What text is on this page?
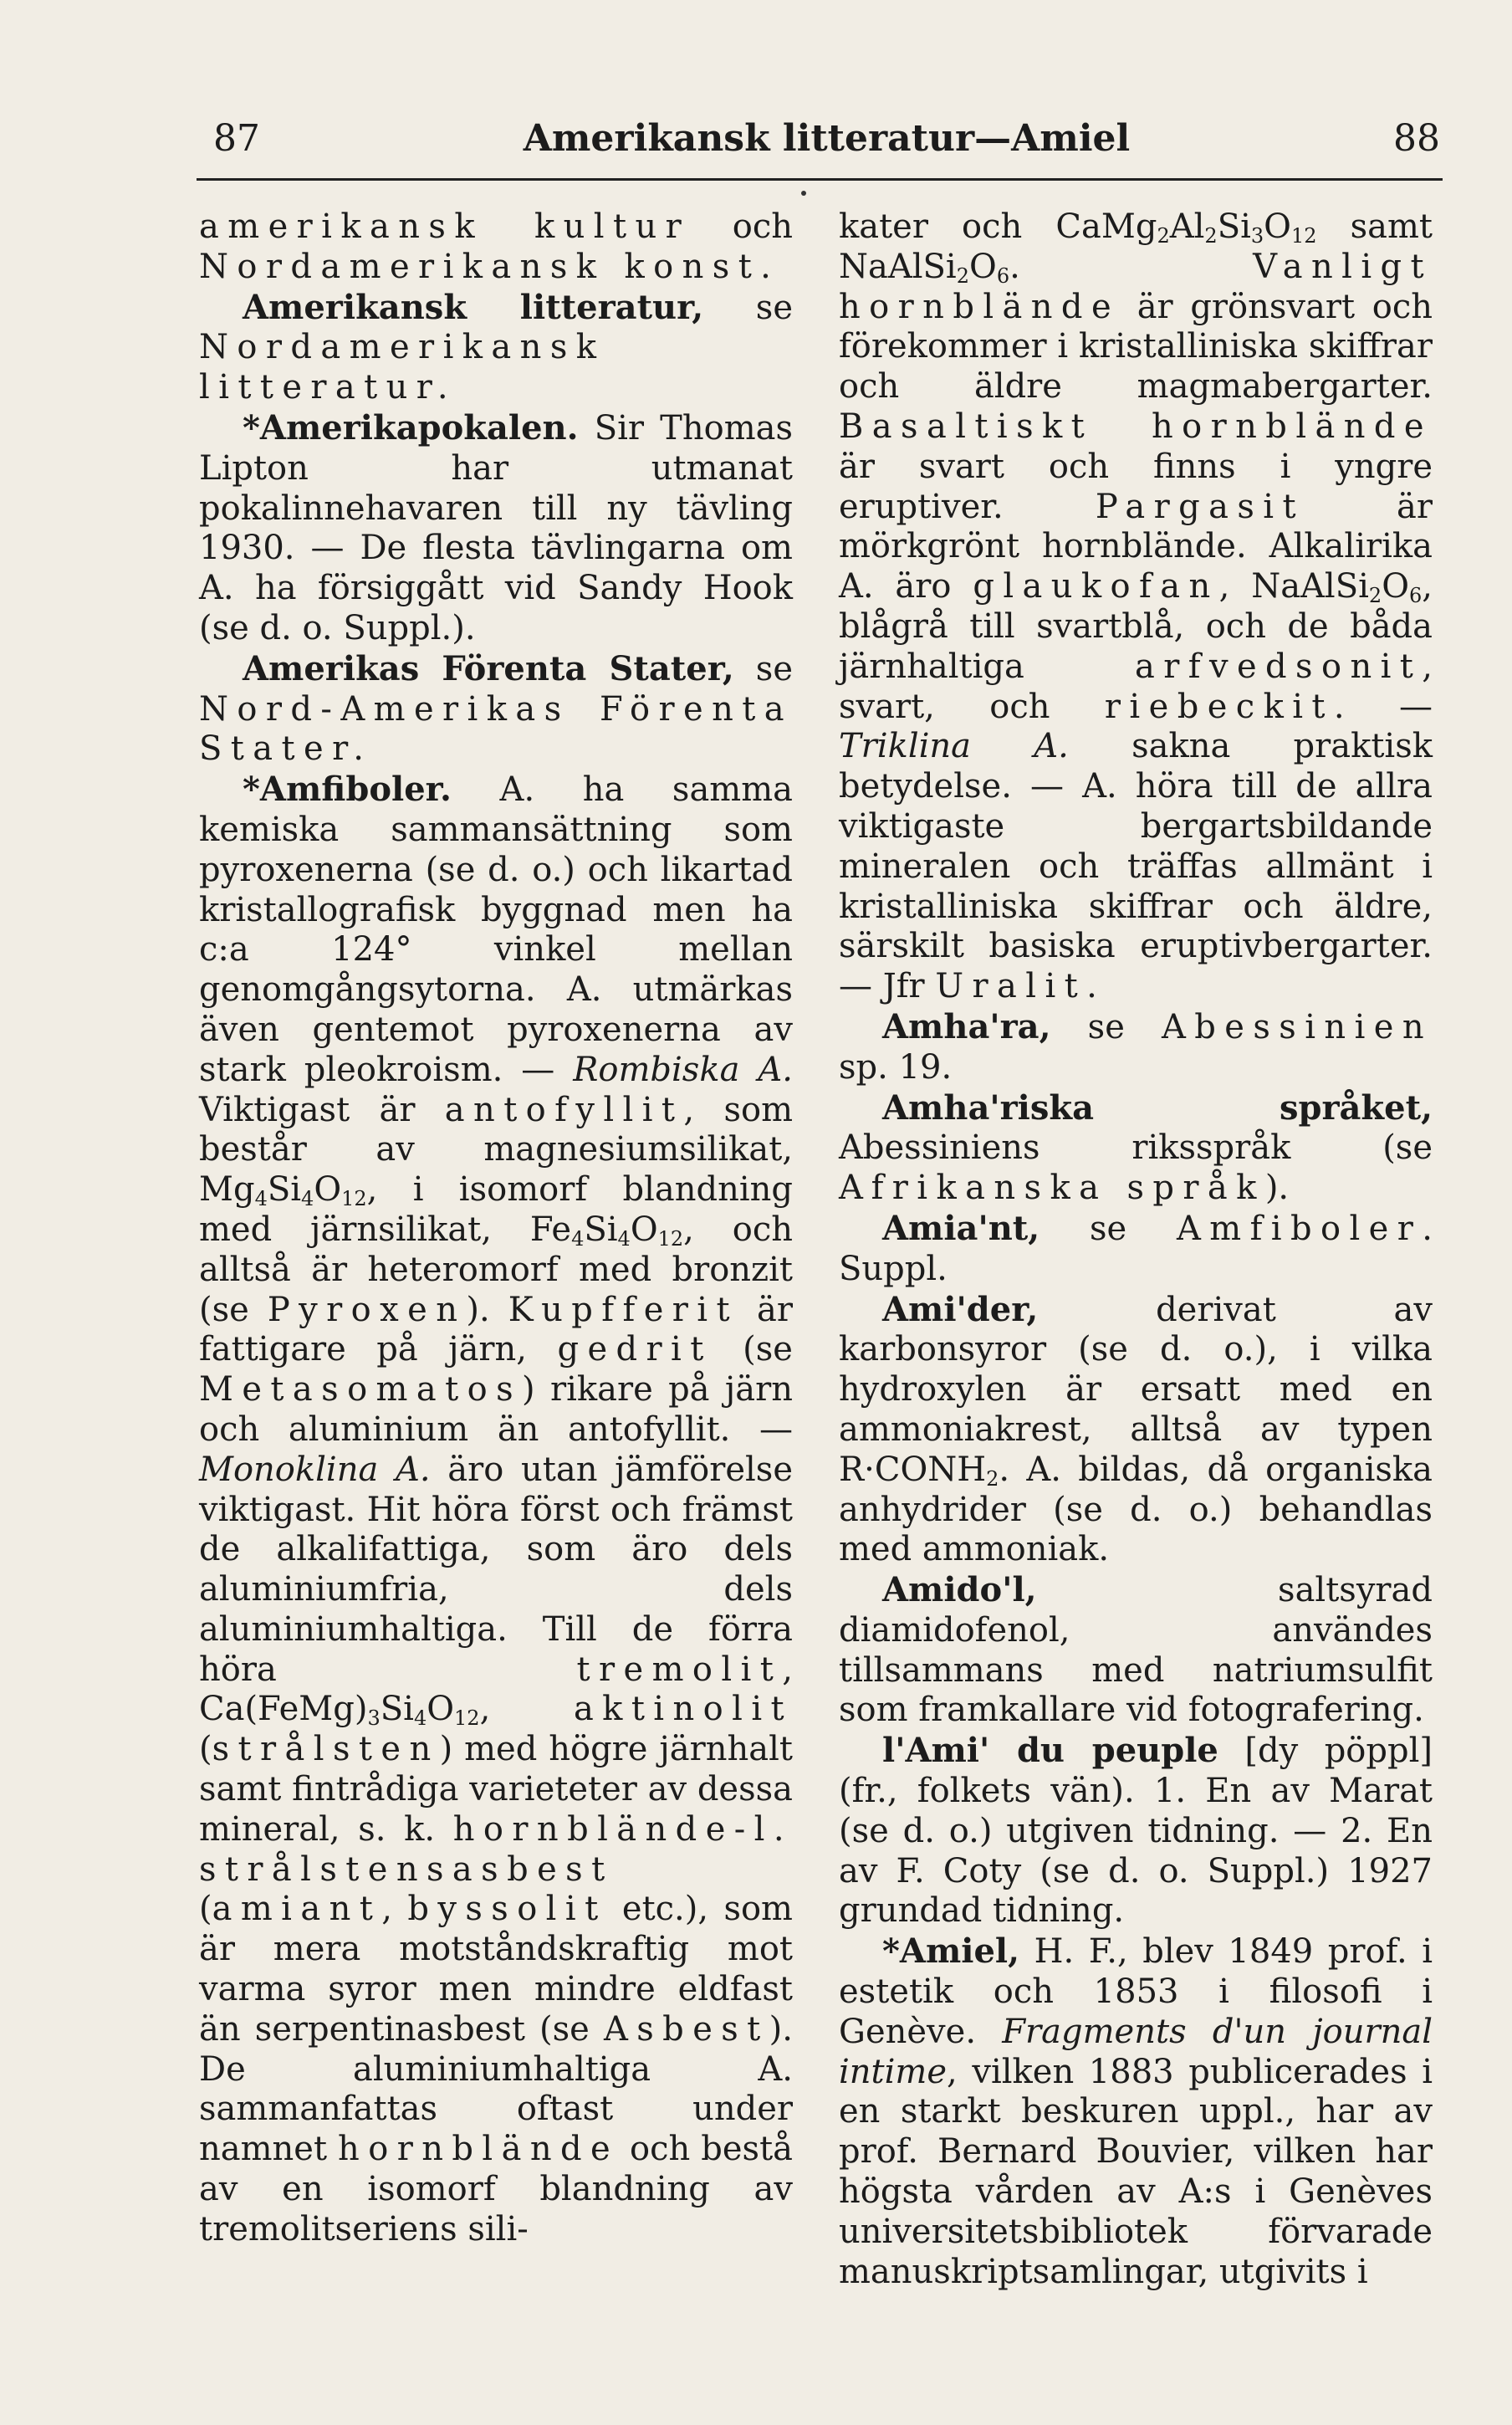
87	Amerikansk litteratur—Amiel	88

amerikansk kultur och Nordamerikansk konst.

Amerikansk litteratur, se Nordamerikansk litteratur.

*Amerikapokalen. Sir Thomas Lipton har utmanat pokalinnehavaren till ny tävling 1930. — De flesta tävlingarna om A. ha försiggått vid Sandy Hook (se d. o. Suppl.).

Amerikas Förenta Stater, se Nord-Amerikas Förenta Stater.

*Amfiboler. A. ha samma kemiska sammansättning som pyroxenerna (se d. o.) och likartad kristallografisk byggnad men ha c:a 124° vinkel mellan genomgångsytorna. A. utmärkas även gentemot pyroxenerna av stark pleokroism. — Rombiska A. Viktigast är antofyllit, som består av magnesiumsilikat, $Mg_4Si_4O_{12}$, i isomorf blandning med järnsilikat, $Fe_4Si_4O_{12}$, och alltså är heteromorf med bronzit (se Pyroxen). Kupfferit är fattigare på järn, gedrit (se Metasomatos) rikare på järn och aluminium än antofyllit. — Monoklina A. äro utan jämförelse viktigast. Hit höra först och främst de alkalifattiga, som äro dels aluminiumfria, dels aluminiumhaltiga. Till de förra höra tremolit, $Ca(FeMg)_3Si_4O_{12}$, aktinolit (strålsten) med högre järnhalt samt fintrådiga varieteter av dessa mineral, s. k. hornblände-l. strålstensasbest (amiant, byssolit etc.), som är mera motståndskraftig mot varma syror men mindre eldfast än serpentinasbest (se Asbest). De aluminiumhaltiga A. sammanfattas oftast under namnet hornblände och bestå av en isomorf blandning av tremolitseriens sili-

kater och $CaMg_2Al_2Si_3O_{12}$ samt $NaAlSi_2O_6$. Vanligt hornblände är grönsvart och förekommer i kristalliniska skiffrar och äldre magmabergarter. Basaltiskt hornblände är svart och finns i yngre eruptiver. Pargasit är mörkgrönt hornblände. Alkalirika A. äro glaukofan, $NaAlSi_2O_6$, blågrå till svartblå, och de båda järnhaltiga arfvedsonit, svart, och riebeckit. — Triklina A. sakna praktisk betydelse. — A. höra till de allra viktigaste bergartsbildande mineralen och träffas allmänt i kristalliniska skiffrar och äldre, särskilt basiska eruptivbergarter. — Jfr Uralit.

Amha'ra, se Abessinien sp. 19.

Amha'riska språket, Abessiniens riksspråk (se Afrikanska språk).

Amia'nt, se Amfiboler. Suppl.

Ami'der, derivat av karbonsyror (se d. o.), i vilka hydroxylen är ersatt med en ammoniakrest, alltså av typen $R\cdot CONH_2$. A. bildas, då organiska anhydrider (se d. o.) behandlas med ammoniak.

Amido'l, saltsyrad diamidofenol, användes tillsammans med natriumsulfit som framkallare vid fotografering.

l'Ami' du peuple [dy pöppl] (fr., folkets vän). 1. En av Marat (se d. o.) utgiven tidning. — 2. En av F. Coty (se d. o. Suppl.) 1927 grundad tidning.

*Amiel, H. F., blev 1849 prof. i estetik och 1853 i filosofi i Genève. Fragments d'un journal intime, vilken 1883 publicerades i en starkt beskuren uppl., har av prof. Bernard Bouvier, vilken har högsta vården av A:s i Genèves universitetsbibliotek förvarade manuskriptsamlingar, utgivits i
